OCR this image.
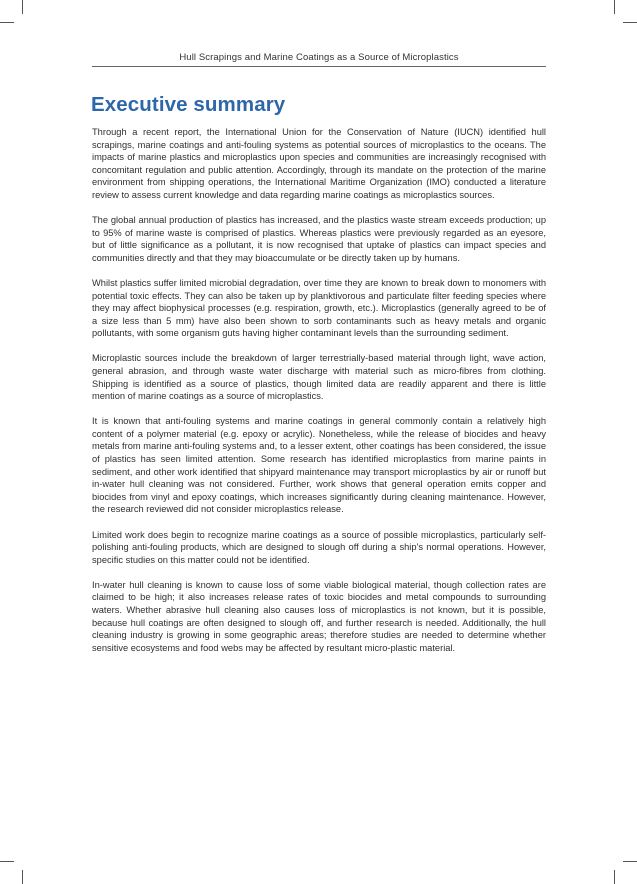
Hull Scrapings and Marine Coatings as a Source of Microplastics
Executive summary

Through a recent report, the International Union for the Conservation of Nature (IUCN) identified hull scrapings, marine coatings and anti-fouling systems as potential sources of microplastics to the oceans. The impacts of marine plastics and microplastics upon species and communities are increasingly recognised with concomitant regulation and public attention. Accordingly, through its mandate on the protection of the marine environment from shipping operations, the International Maritime Organization (IMO) conducted a literature review to assess current knowledge and data regarding marine coatings as microplastics sources.

The global annual production of plastics has increased, and the plastics waste stream exceeds production; up to 95% of marine waste is comprised of plastics. Whereas plastics were previously regarded as an eyesore, but of little significance as a pollutant, it is now recognised that uptake of plastics can impact species and communities directly and that they may bioaccumulate or be directly taken up by humans.

Whilst plastics suffer limited microbial degradation, over time they are known to break down to monomers with potential toxic effects. They can also be taken up by planktivorous and particulate filter feeding species where they may affect biophysical processes (e.g. respiration, growth, etc.). Microplastics (generally agreed to be of a size less than 5 mm) have also been shown to sorb contaminants such as heavy metals and organic pollutants, with some organism guts having higher contaminant levels than the surrounding sediment.

Microplastic sources include the breakdown of larger terrestrially-based material through light, wave action, general abrasion, and through waste water discharge with material such as micro-fibres from clothing. Shipping is identified as a source of plastics, though limited data are readily apparent and there is little mention of marine coatings as a source of microplastics.

It is known that anti-fouling systems and marine coatings in general commonly contain a relatively high content of a polymer material (e.g. epoxy or acrylic). Nonetheless, while the release of biocides and heavy metals from marine anti-fouling systems and, to a lesser extent, other coatings has been considered, the issue of plastics has seen limited attention. Some research has identified microplastics from marine paints in sediment, and other work identified that shipyard maintenance may transport microplastics by air or runoff but in-water hull cleaning was not considered. Further, work shows that general operation emits copper and biocides from vinyl and epoxy coatings, which increases significantly during cleaning maintenance. However, the research reviewed did not consider microplastics release.

Limited work does begin to recognize marine coatings as a source of possible microplastics, particularly self-polishing anti-fouling products, which are designed to slough off during a ship’s normal operations. However, specific studies on this matter could not be identified.

In-water hull cleaning is known to cause loss of some viable biological material, though collection rates are claimed to be high; it also increases release rates of toxic biocides and metal compounds to surrounding waters. Whether abrasive hull cleaning also causes loss of microplastics is not known, but it is possible, because hull coatings are often designed to slough off, and further research is needed. Additionally, the hull cleaning industry is growing in some geographic areas; therefore studies are needed to determine whether sensitive ecosystems and food webs may be affected by resultant micro-plastic material.
